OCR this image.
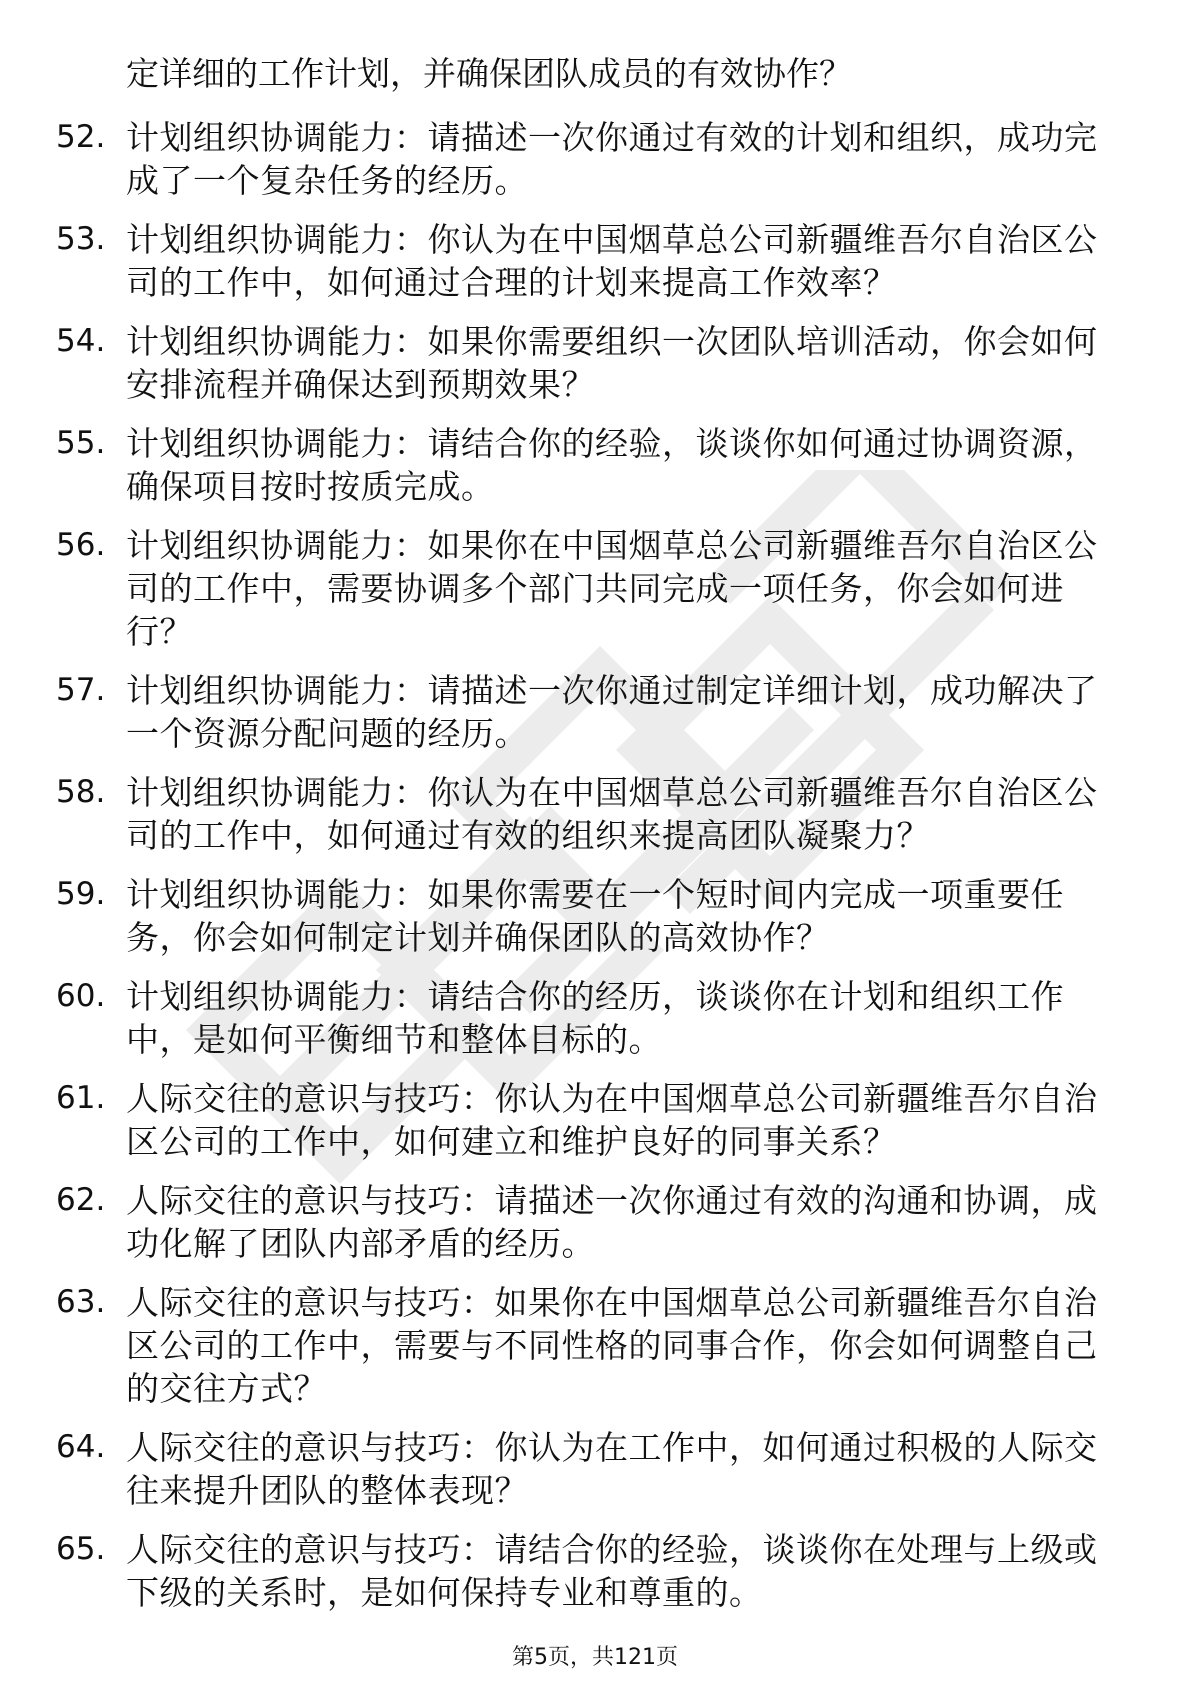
定详细的工作计划，并确保团队成员的有效协作？
52. 计划组织协调能力：请描述一次你通过有效的计划和组织，成功完成了一个复杂任务的经历。
53. 计划组织协调能力：你认为在中国烟草总公司新疆维吾尔自治区公司的工作中，如何通过合理的计划来提高工作效率？
54. 计划组织协调能力：如果你需要组织一次团队培训活动，你会如何安排流程并确保达到预期效果？
55. 计划组织协调能力：请结合你的经验，谈谈你如何通过协调资源，确保项目按时按质完成。
56. 计划组织协调能力：如果你在中国烟草总公司新疆维吾尔自治区公司的工作中，需要协调多个部门共同完成一项任务，你会如何进行？
57. 计划组织协调能力：请描述一次你通过制定详细计划，成功解决了一个资源分配问题的经历。
58. 计划组织协调能力：你认为在中国烟草总公司新疆维吾尔自治区公司的工作中，如何通过有效的组织来提高团队凝聚力？
59. 计划组织协调能力：如果你需要在一个短时间内完成一项重要任务，你会如何制定计划并确保团队的高效协作？
60. 计划组织协调能力：请结合你的经历，谈谈你在计划和组织工作中，是如何平衡细节和整体目标的。
61. 人际交往的意识与技巧：你认为在中国烟草总公司新疆维吾尔自治区公司的工作中，如何建立和维护良好的同事关系？
62. 人际交往的意识与技巧：请描述一次你通过有效的沟通和协调，成功化解了团队内部矛盾的经历。
63. 人际交往的意识与技巧：如果你在中国烟草总公司新疆维吾尔自治区公司的工作中，需要与不同性格的同事合作，你会如何调整自己的交往方式？
64. 人际交往的意识与技巧：你认为在工作中，如何通过积极的人际交往来提升团队的整体表现？
65. 人际交往的意识与技巧：请结合你的经验，谈谈你在处理与上级或下级的关系时，是如何保持专业和尊重的。
第5页，共121页
